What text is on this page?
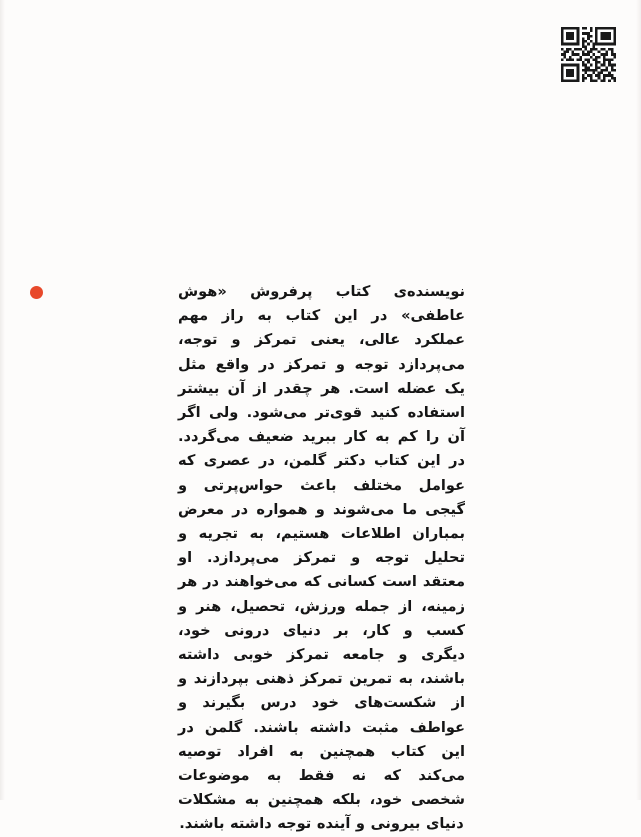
نویسنده‌ی کتاب پرفروش «هوش عاطفی» در این کتاب به راز مهم عملکرد عالی، یعنی تمرکز و توجه، می‌پردازد توجه و تمرکز در واقع مثل یک عضله است. هر چقدر از آن بیشتر استفاده کنید قوی‌تر می‌شود. ولی اگر آن را کم به کار ببرید ضعیف می‌گردد. در این کتاب دکتر گلمن، در عصری که عوامل مختلف باعث حواس‌پرتی و گیجی ما می‌شوند و همواره در معرض بمباران اطلاعات هستیم، به تجریه و تحلیل توجه و تمرکز می‌پردازد. او معتقد است کسانی که می‌خواهند در هر زمینه، از جمله ورزش، تحصیل، هنر و کسب و کار، بر دنیای درونی خود، دیگری و جامعه تمرکز خوبی داشته باشند، به تمرین تمرکز ذهنی بپردازند و از شکست‌های خود درس بگیرند و عواطف مثبت داشته باشند. گلمن در این کتاب همچنین به افراد توصیه می‌کند که نه فقط به موضوعات شخصی خود، بلکه همچنین به مشکلات دنیای بیرونی و آینده توجه داشته باشند.
